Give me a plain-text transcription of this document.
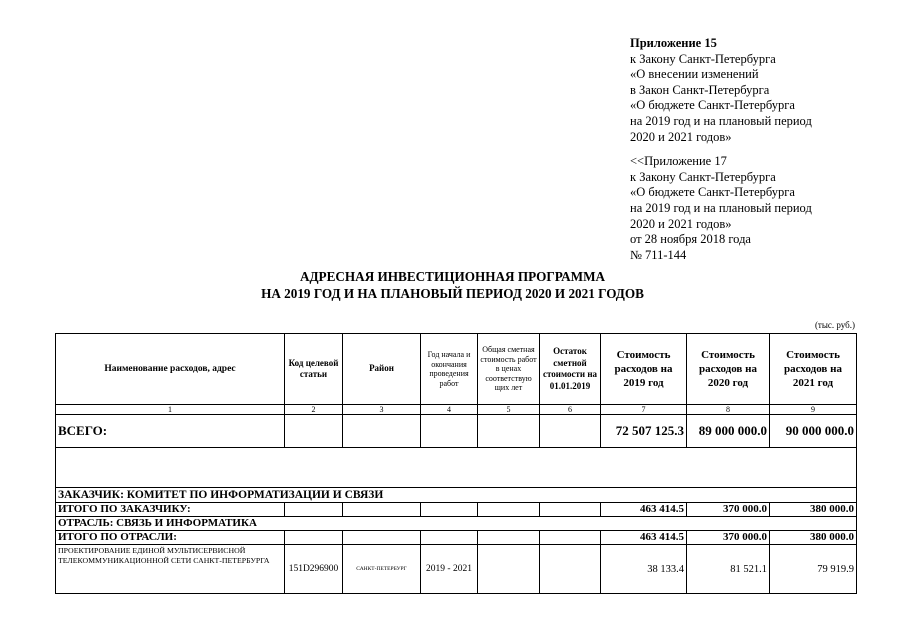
Приложение 15
к Закону Санкт-Петербурга
«О внесении изменений
в Закон Санкт-Петербурга
«О бюджете Санкт-Петербурга
на 2019 год и на плановый период
2020 и 2021 годов»
<<Приложение 17
к Закону Санкт-Петербурга
«О бюджете Санкт-Петербурга
на 2019 год и на плановый период
2020 и 2021 годов»
от 28 ноября 2018 года
№ 711-144
АДРЕСНАЯ ИНВЕСТИЦИОННАЯ ПРОГРАММА
НА 2019 ГОД И НА ПЛАНОВЫЙ ПЕРИОД 2020 И 2021 ГОДОВ
(тыс. руб.)
Наименование расходов, адрес	Код целевой статьи	Район	Год начала и окончания проведения работ	Общая сметная стоимость работ в ценах соответствую щих лет	Остаток сметной стоимости на 01.01.2019	Стоимость расходов на 2019 год	Стоимость расходов на 2020 год	Стоимость расходов на 2021 год
1	2	3	4	5	6	7	8	9
ВСЕГО:						72 507 125.3	89 000 000.0	90 000 000.0

ЗАКАЗЧИК: КОМИТЕТ ПО ИНФОРМАТИЗАЦИИ И СВЯЗИ								
ИТОГО ПО ЗАКАЗЧИКУ:						463 414.5	370 000.0	380 000.0
ОТРАСЛЬ: СВЯЗЬ И ИНФОРМАТИКА								
ИТОГО ПО ОТРАСЛИ:						463 414.5	370 000.0	380 000.0
ПРОЕКТИРОВАНИЕ ЕДИНОЙ МУЛЬТИСЕРВИСНОЙ ТЕЛЕКОММУНИКАЦИОННОЙ СЕТИ САНКТ-ПЕТЕРБУРГА	151D296900	САНКТ-ПЕТЕРБУРГ	2019 - 2021			38 133.4	81 521.1	79 919.9
